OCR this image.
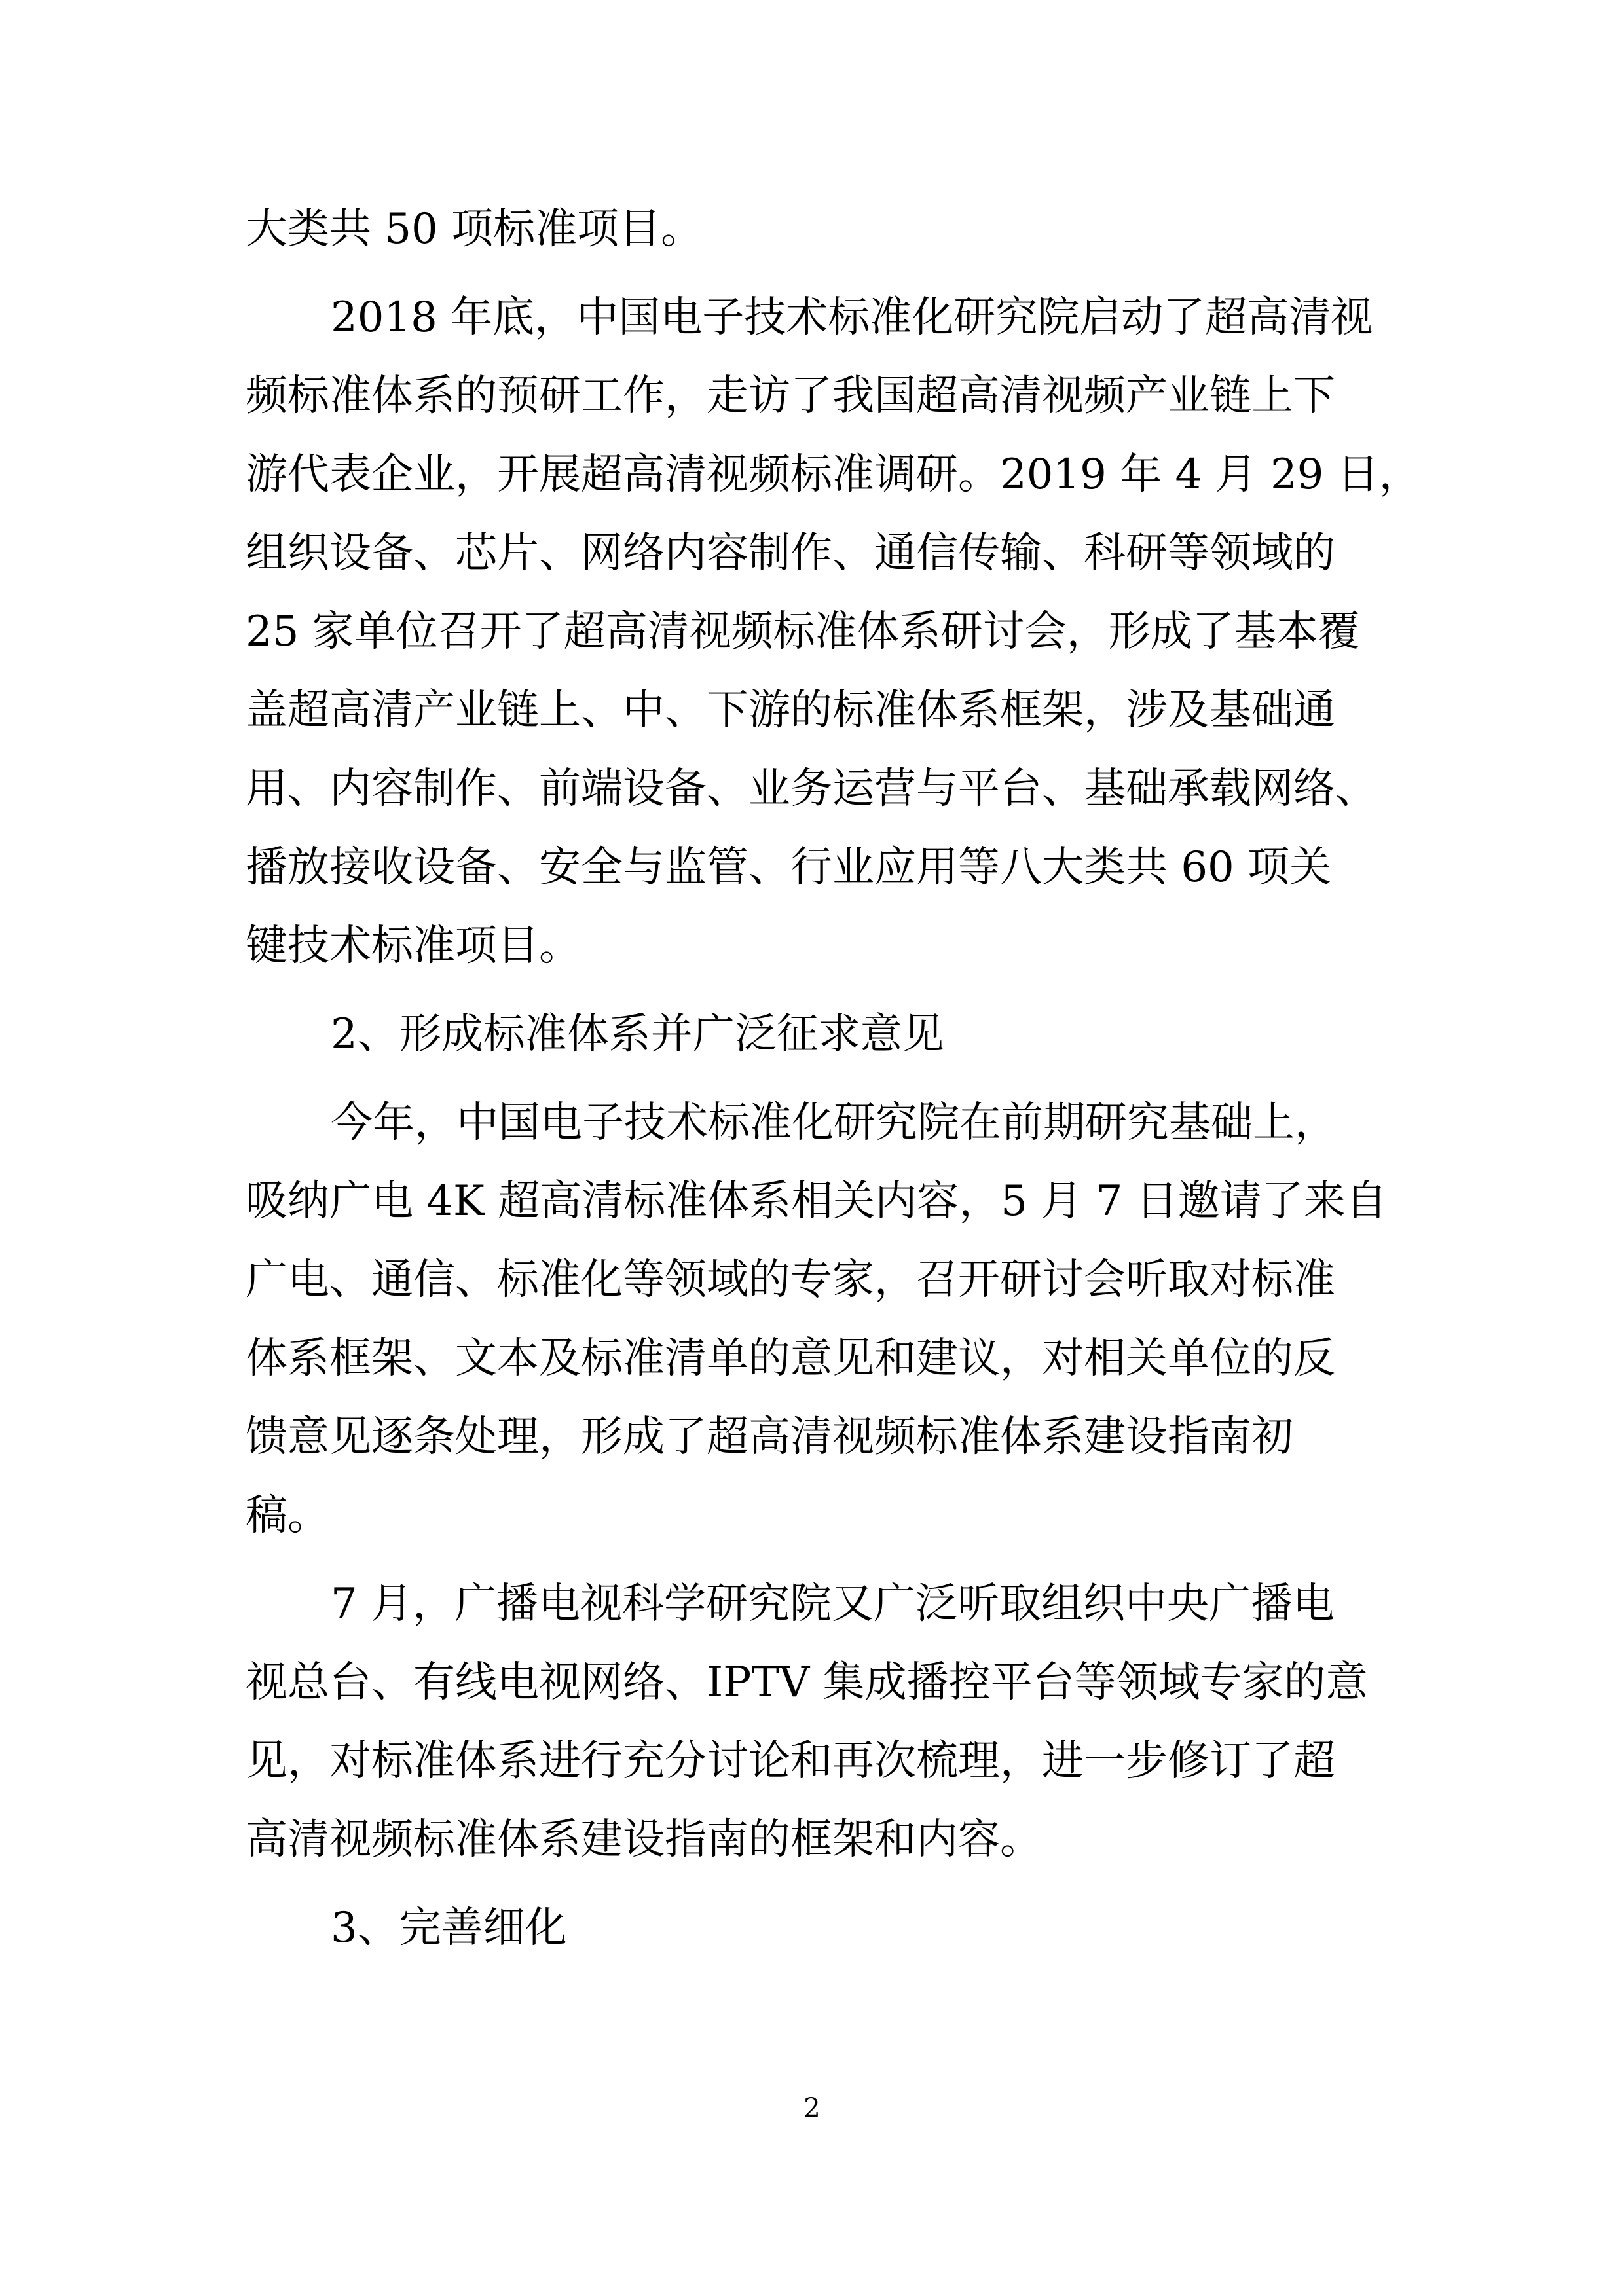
大类共 50 项标准项目。
2018 年底，中国电子技术标准化研究院启动了超高清视
频标准体系的预研工作，走访了我国超高清视频产业链上下
游代表企业，开展超高清视频标准调研。2019 年 4 月 29 日，
组织设备、芯片、网络内容制作、通信传输、科研等领域的
25 家单位召开了超高清视频标准体系研讨会，形成了基本覆
盖超高清产业链上、中、下游的标准体系框架，涉及基础通
用、内容制作、前端设备、业务运营与平台、基础承载网络、
播放接收设备、安全与监管、行业应用等八大类共 60 项关
键技术标准项目。
2、形成标准体系并广泛征求意见
今年，中国电子技术标准化研究院在前期研究基础上，
吸纳广电 4K 超高清标准体系相关内容，5 月 7 日邀请了来自
广电、通信、标准化等领域的专家，召开研讨会听取对标准
体系框架、文本及标准清单的意见和建议，对相关单位的反
馈意见逐条处理，形成了超高清视频标准体系建设指南初
稿。
7 月，广播电视科学研究院又广泛听取组织中央广播电
视总台、有线电视网络、IPTV 集成播控平台等领域专家的意
见，对标准体系进行充分讨论和再次梳理，进一步修订了超
高清视频标准体系建设指南的框架和内容。
3、完善细化
2
